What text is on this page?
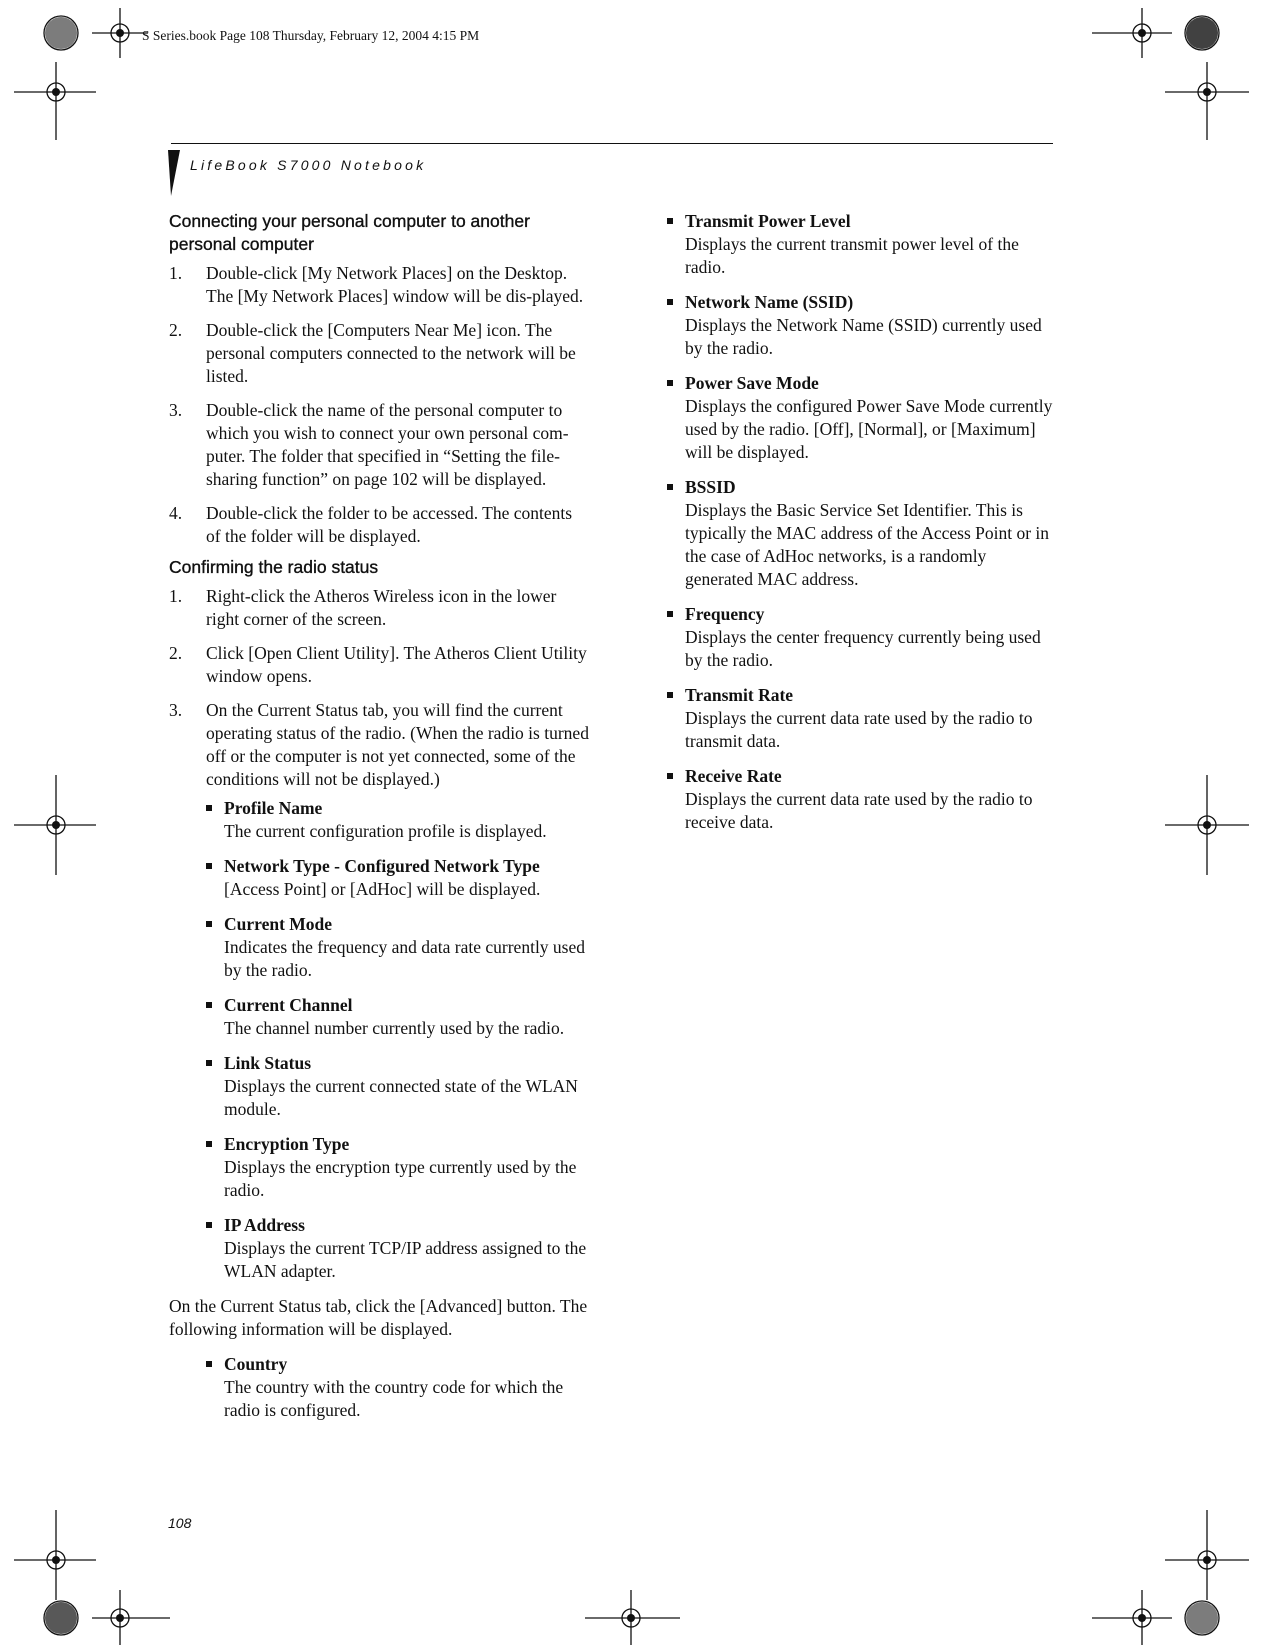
S Series.book Page 108 Thursday, February 12, 2004 4:15 PM
LifeBook S7000 Notebook
Connecting your personal computer to another personal computer
1. Double-click [My Network Places] on the Desktop. The [My Network Places] window will be dis-played.
2. Double-click the [Computers Near Me] icon. The personal computers connected to the network will be listed.
3. Double-click the name of the personal computer to which you wish to connect your own personal com-puter. The folder that specified in “Setting the file-sharing function” on page 102 will be displayed.
4. Double-click the folder to be accessed. The contents of the folder will be displayed.
Confirming the radio status
1. Right-click the Atheros Wireless icon in the lower right corner of the screen.
2. Click [Open Client Utility]. The Atheros Client Utility window opens.
3. On the Current Status tab, you will find the current operating status of the radio. (When the radio is turned off or the computer is not yet connected, some of the conditions will not be displayed.)
Profile Name
The current configuration profile is displayed.
Network Type - Configured Network Type
[Access Point] or [AdHoc] will be displayed.
Current Mode
Indicates the frequency and data rate currently used by the radio.
Current Channel
The channel number currently used by the radio.
Link Status
Displays the current connected state of the WLAN module.
Encryption Type
Displays the encryption type currently used by the radio.
IP Address
Displays the current TCP/IP address assigned to the WLAN adapter.
On the Current Status tab, click the [Advanced] button. The following information will be displayed.
Country
The country with the country code for which the radio is configured.
Transmit Power Level
Displays the current transmit power level of the radio.
Network Name (SSID)
Displays the Network Name (SSID) currently used by the radio.
Power Save Mode
Displays the configured Power Save Mode currently used by the radio. [Off], [Normal], or [Maximum] will be displayed.
BSSID
Displays the Basic Service Set Identifier. This is typically the MAC address of the Access Point or in the case of AdHoc networks, is a randomly generated MAC address.
Frequency
Displays the center frequency currently being used by the radio.
Transmit Rate
Displays the current data rate used by the radio to transmit data.
Receive Rate
Displays the current data rate used by the radio to receive data.
108
